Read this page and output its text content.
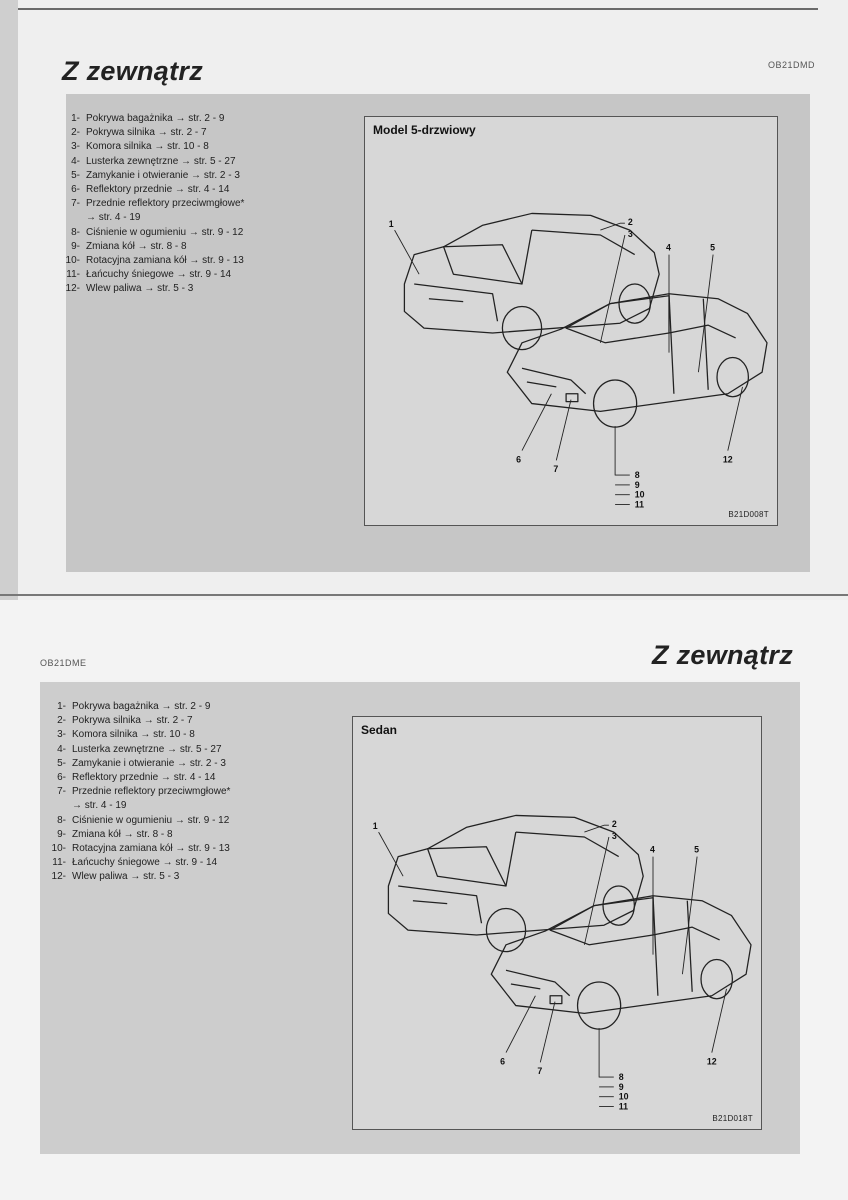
Z zewnątrz	OB21DMD
1- Pokrywa bagażnika → str. 2 - 9
2- Pokrywa silnika → str. 2 - 7
3- Komora silnika → str. 10 - 8
4- Lusterka zewnętrzne → str. 5 - 27
5- Zamykanie i otwieranie → str. 2 - 3
6- Reflektory przednie → str. 4 - 14
7- Przednie reflektory przeciwmgłowe*
→ str. 4 - 19
8- Ciśnienie w ogumieniu → str. 9 - 12
9- Zmiana kół → str. 8 - 8
10- Rotacyjna zamiana kół → str. 9 - 13
11- Łańcuchy śniegowe → str. 9 - 14
12- Wlew paliwa → str. 5 - 3
Model 5-drzwiowy
1	2
3
4	5
6
7
8
9
10
11
12
B21D008T
OB21DME	Z zewnątrz
1- Pokrywa bagażnika → str. 2 - 9
2- Pokrywa silnika → str. 2 - 7
3- Komora silnika → str. 10 - 8
4- Lusterka zewnętrzne → str. 5 - 27
5- Zamykanie i otwieranie → str. 2 - 3
6- Reflektory przednie → str. 4 - 14
7- Przednie reflektory przeciwmgłowe*
→ str. 4 - 19
8- Ciśnienie w ogumieniu → str. 9 - 12
9- Zmiana kół → str. 8 - 8
10- Rotacyjna zamiana kół → str. 9 - 13
11- Łańcuchy śniegowe → str. 9 - 14
12- Wlew paliwa → str. 5 - 3
Sedan
1	2
3
4	5
6
7
8
9
10
11
12
B21D018T
